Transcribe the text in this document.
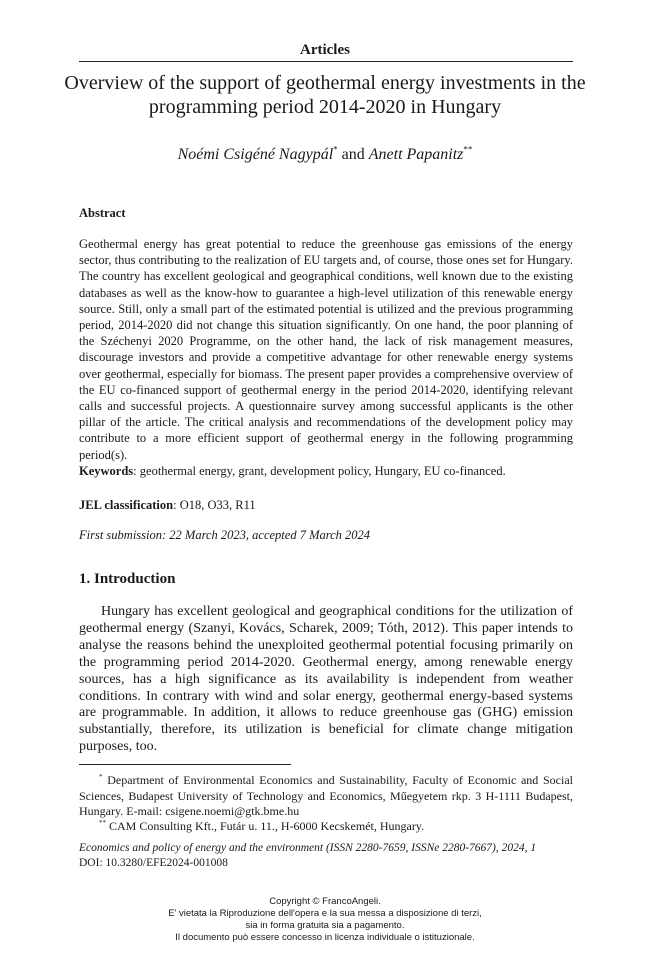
Articles
Overview of the support of geothermal energy investments in the programming period 2014-2020 in Hungary
Noémi Csigéné Nagypál* and Anett Papanitz**
Abstract

Geothermal energy has great potential to reduce the greenhouse gas emissions of the energy sector, thus contributing to the realization of EU targets and, of course, those ones set for Hungary. The country has excellent geological and geographical conditions, well known due to the existing databases as well as the know-how to guarantee a high-level utilization of this renewable energy source. Still, only a small part of the estimated potential is utilized and the previous programming period, 2014-2020 did not change this situation significantly. On one hand, the poor planning of the Széchenyi 2020 Programme, on the other hand, the lack of risk management measures, discourage investors and provide a competitive advantage for other renewable energy systems over geothermal, especially for biomass. The present paper provides a comprehensive overview of the EU co-financed support of geothermal energy in the period 2014-2020, identifying relevant calls and successful projects. A questionnaire survey among successful applicants is the other pillar of the article. The critical analysis and recommendations of the development policy may contribute to a more efficient support of geothermal energy in the following programming period(s).

Keywords: geothermal energy, grant, development policy, Hungary, EU co-financed.
JEL classification: O18, O33, R11
First submission: 22 March 2023, accepted 7 March 2024
1. Introduction

Hungary has excellent geological and geographical conditions for the utilization of geothermal energy (Szanyi, Kovács, Scharek, 2009; Tóth, 2012). This paper intends to analyse the reasons behind the unexploited geothermal potential focusing primarily on the programming period 2014-2020. Geothermal energy, among renewable energy sources, has a high significance as its availability is independent from weather conditions. In contrary with wind and solar energy, geothermal energy-based systems are programmable. In addition, it allows to reduce greenhouse gas (GHG) emission substantially, therefore, its utilization is beneficial for climate change mitigation purposes, too.

* Department of Environmental Economics and Sustainability, Faculty of Economic and Social Sciences, Budapest University of Technology and Economics, Műegyetem rkp. 3 H-1111 Budapest, Hungary. E-mail: csigene.noemi@gtk.bme.hu

** CAM Consulting Kft., Futár u. 11., H-6000 Kecskemét, Hungary.

Economics and policy of energy and the environment (ISSN 2280-7659, ISSNe 2280-7667), 2024, 1
DOI: 10.3280/EFE2024-001008
Copyright © FrancoAngeli.
E' vietata la Riproduzione dell'opera e la sua messa a disposizione di terzi,
sia in forma gratuita sia a pagamento.
Il documento può essere concesso in licenza individuale o istituzionale.
